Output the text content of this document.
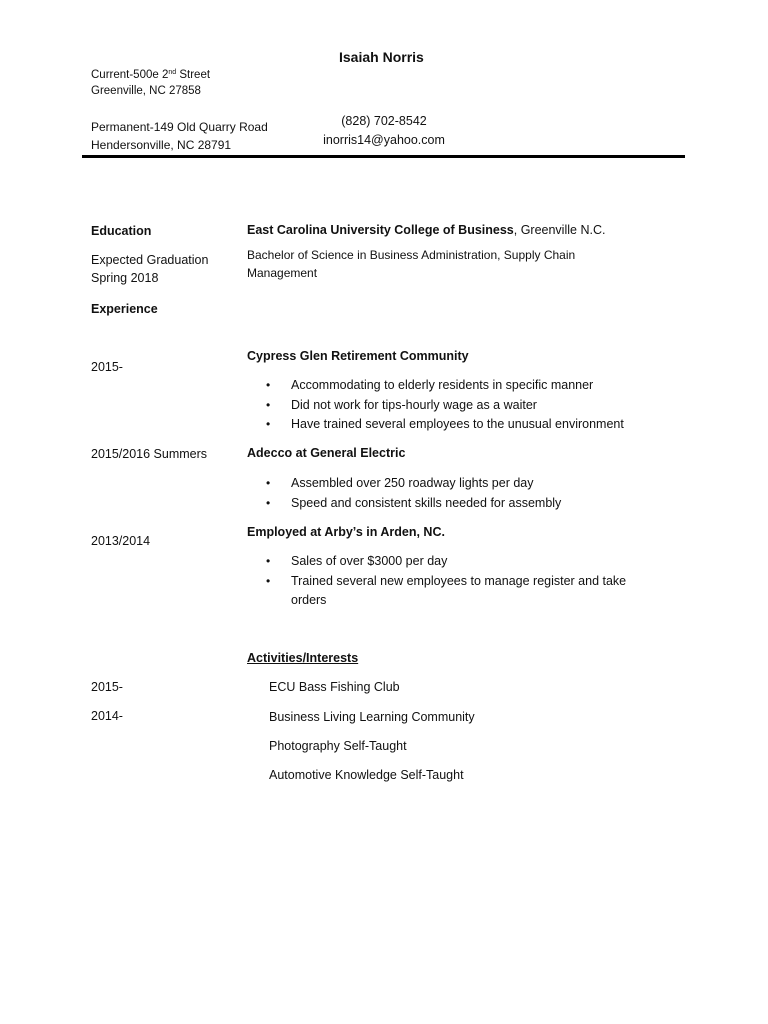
Isaiah Norris
Current-500e 2nd Street
Greenville, NC 27858
Permanent-149 Old Quarry Road
Hendersonville, NC 28791
(828) 702-8542
inorris14@yahoo.com
Education	East Carolina University College of Business, Greenville N.C.
Expected Graduation
Spring 2018
Bachelor of Science in Business Administration, Supply Chain Management
Experience
2015-
Cypress Glen Retirement Community
• Accommodating to elderly residents in specific manner
• Did not work for tips-hourly wage as a waiter
• Have trained several employees to the unusual environment
2015/2016 Summers	Adecco at General Electric
• Assembled over 250 roadway lights per day
• Speed and consistent skills needed for assembly
2013/2014
Employed at Arby’s in Arden, NC.
• Sales of over $3000 per day
• Trained several new employees to manage register and take orders
Activities/Interests
2015-
2014-
ECU Bass Fishing Club
Business Living Learning Community
Photography Self-Taught
Automotive Knowledge Self-Taught
